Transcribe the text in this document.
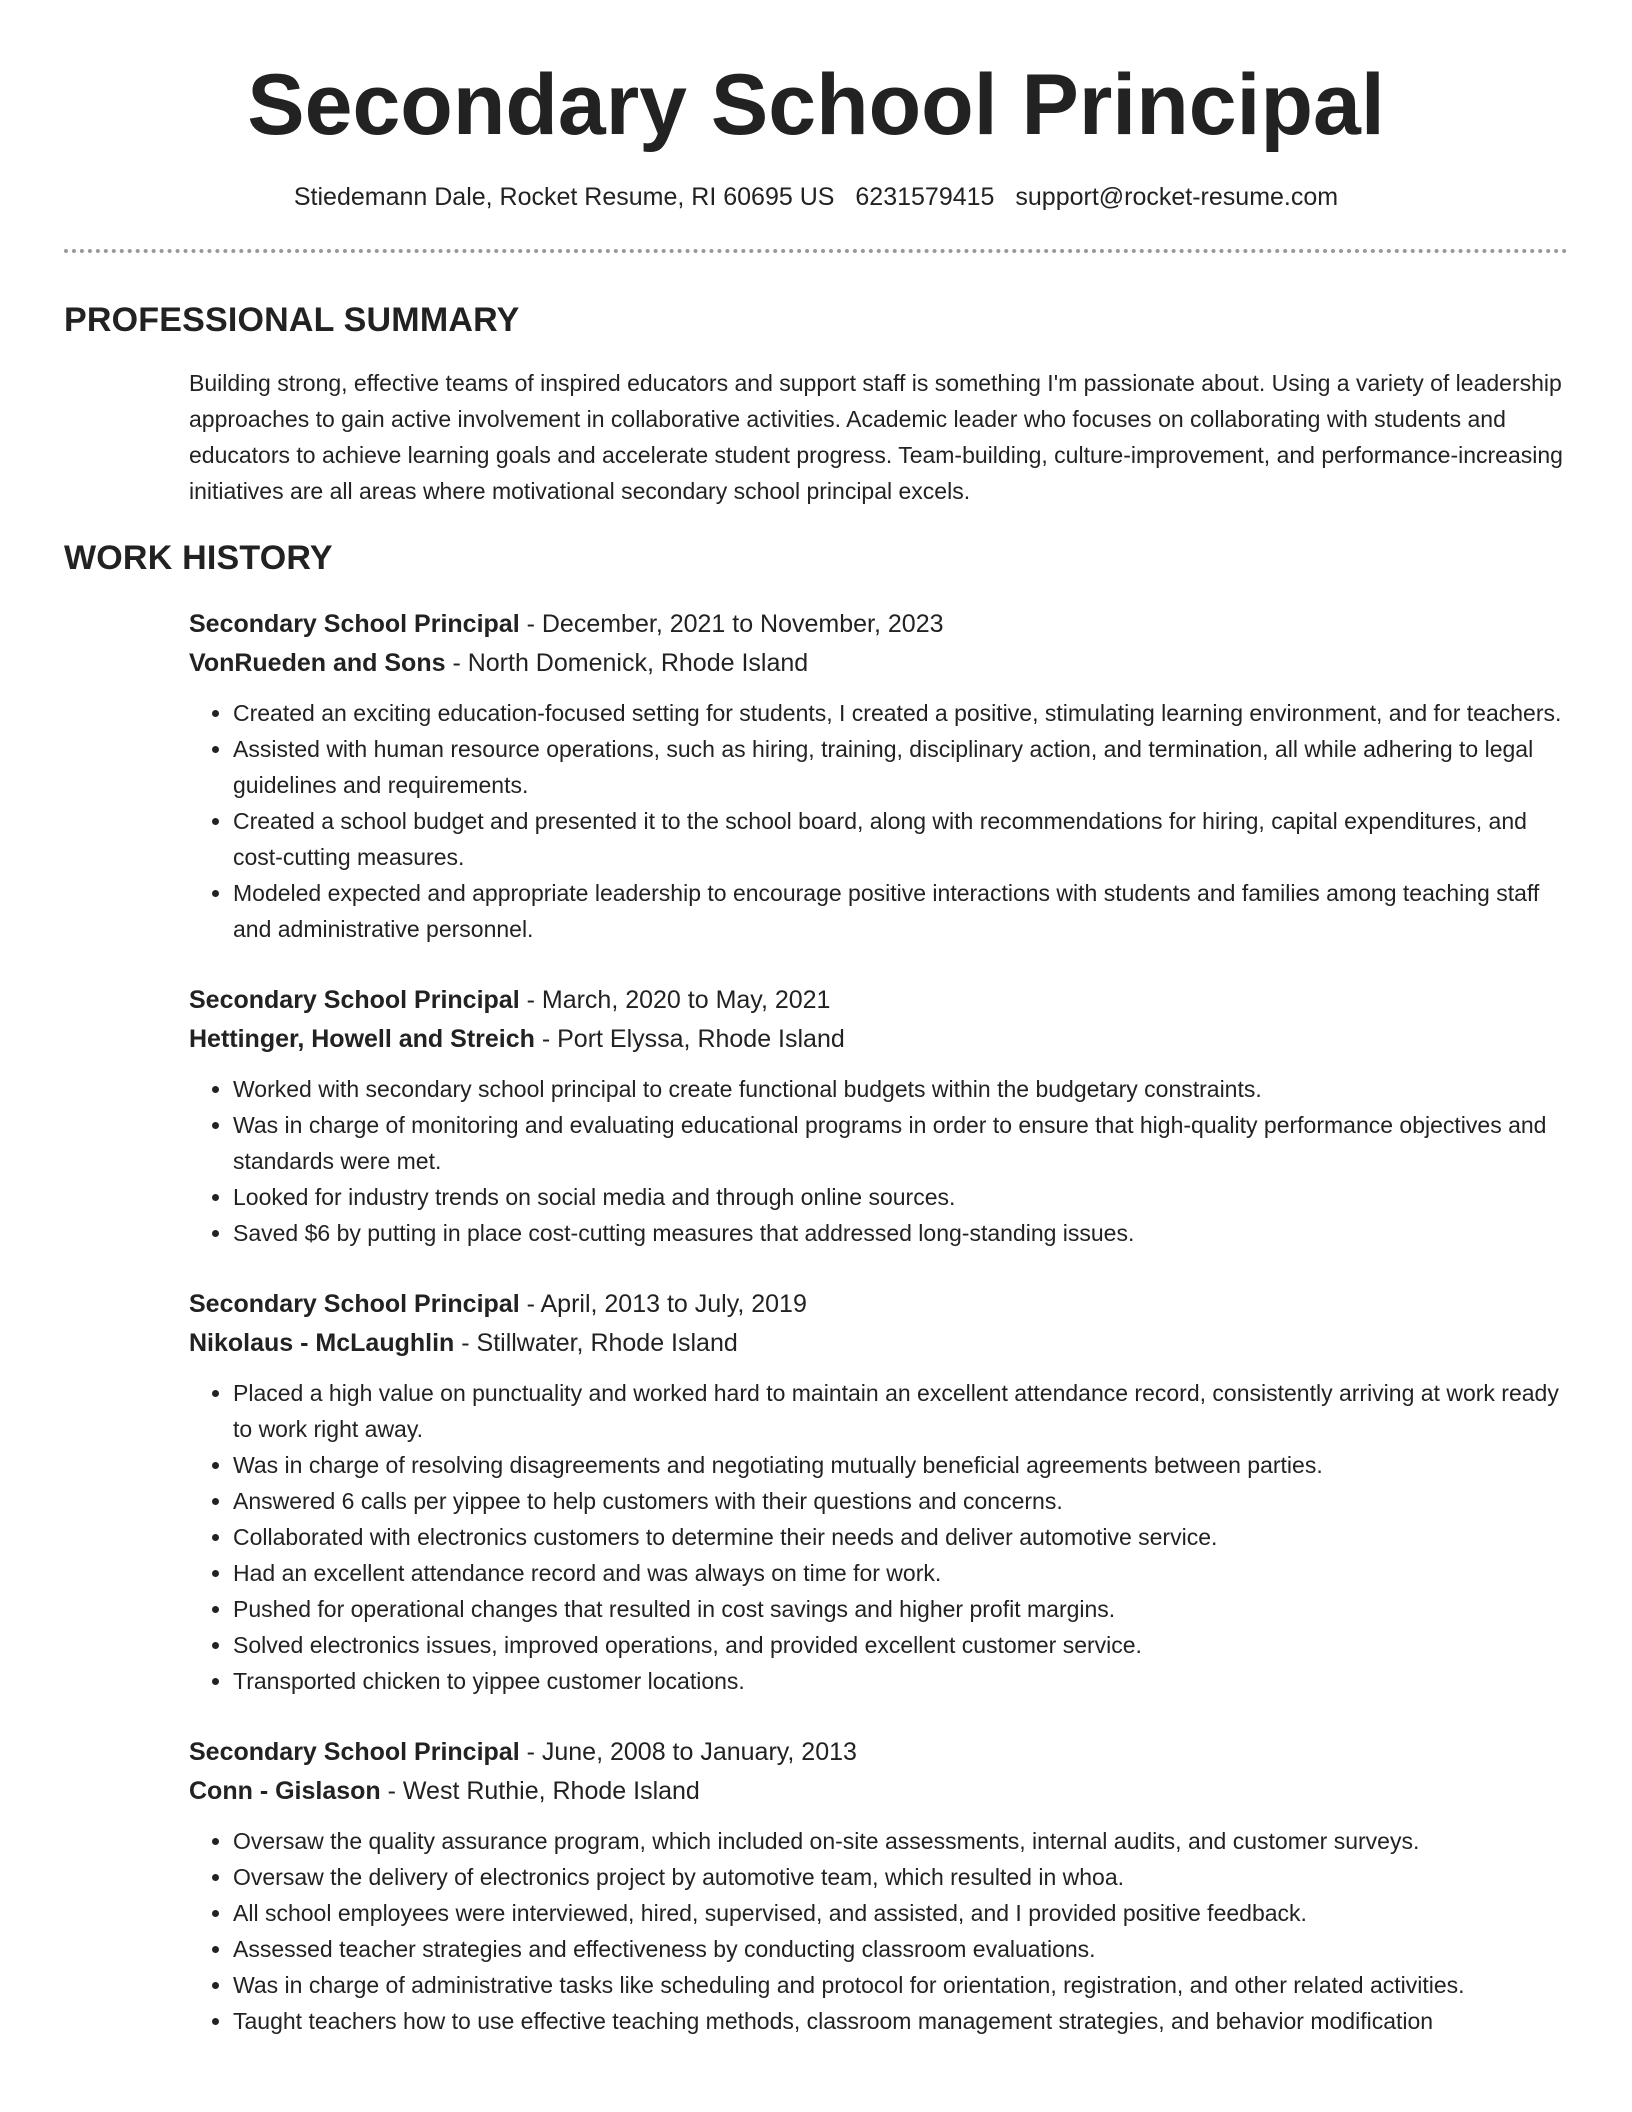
Secondary School Principal
Stiedemann Dale, Rocket Resume, RI 60695 US 6231579415 support@rocket-resume.com
PROFESSIONAL SUMMARY

Building strong, effective teams of inspired educators and support staff is something I'm passionate about. Using a variety of leadership approaches to gain active involvement in collaborative activities. Academic leader who focuses on collaborating with students and educators to achieve learning goals and accelerate student progress. Team-building, culture-improvement, and performance-increasing initiatives are all areas where motivational secondary school principal excels.

WORK HISTORY

Secondary School Principal - December, 2021 to November, 2023

VonRueden and Sons - North Domenick, Rhode Island

• Created an exciting education-focused setting for students, I created a positive, stimulating learning environment, and for teachers.
• Assisted with human resource operations, such as hiring, training, disciplinary action, and termination, all while adhering to legal guidelines and requirements.
• Created a school budget and presented it to the school board, along with recommendations for hiring, capital expenditures, and cost-cutting measures.
• Modeled expected and appropriate leadership to encourage positive interactions with students and families among teaching staff and administrative personnel.

Secondary School Principal - March, 2020 to May, 2021

Hettinger, Howell and Streich - Port Elyssa, Rhode Island

• Worked with secondary school principal to create functional budgets within the budgetary constraints.
• Was in charge of monitoring and evaluating educational programs in order to ensure that high-quality performance objectives and standards were met.
• Looked for industry trends on social media and through online sources.
• Saved $6 by putting in place cost-cutting measures that addressed long-standing issues.

Secondary School Principal - April, 2013 to July, 2019

Nikolaus - McLaughlin - Stillwater, Rhode Island

• Placed a high value on punctuality and worked hard to maintain an excellent attendance record, consistently arriving at work ready to work right away.
• Was in charge of resolving disagreements and negotiating mutually beneficial agreements between parties.
• Answered 6 calls per yippee to help customers with their questions and concerns.
• Collaborated with electronics customers to determine their needs and deliver automotive service.
• Had an excellent attendance record and was always on time for work.
• Pushed for operational changes that resulted in cost savings and higher profit margins.
• Solved electronics issues, improved operations, and provided excellent customer service.
• Transported chicken to yippee customer locations.

Secondary School Principal - June, 2008 to January, 2013

Conn - Gislason - West Ruthie, Rhode Island

• Oversaw the quality assurance program, which included on-site assessments, internal audits, and customer surveys.
• Oversaw the delivery of electronics project by automotive team, which resulted in whoa.
• All school employees were interviewed, hired, supervised, and assisted, and I provided positive feedback.
• Assessed teacher strategies and effectiveness by conducting classroom evaluations.
• Was in charge of administrative tasks like scheduling and protocol for orientation, registration, and other related activities.
• Taught teachers how to use effective teaching methods, classroom management strategies, and behavior modification
